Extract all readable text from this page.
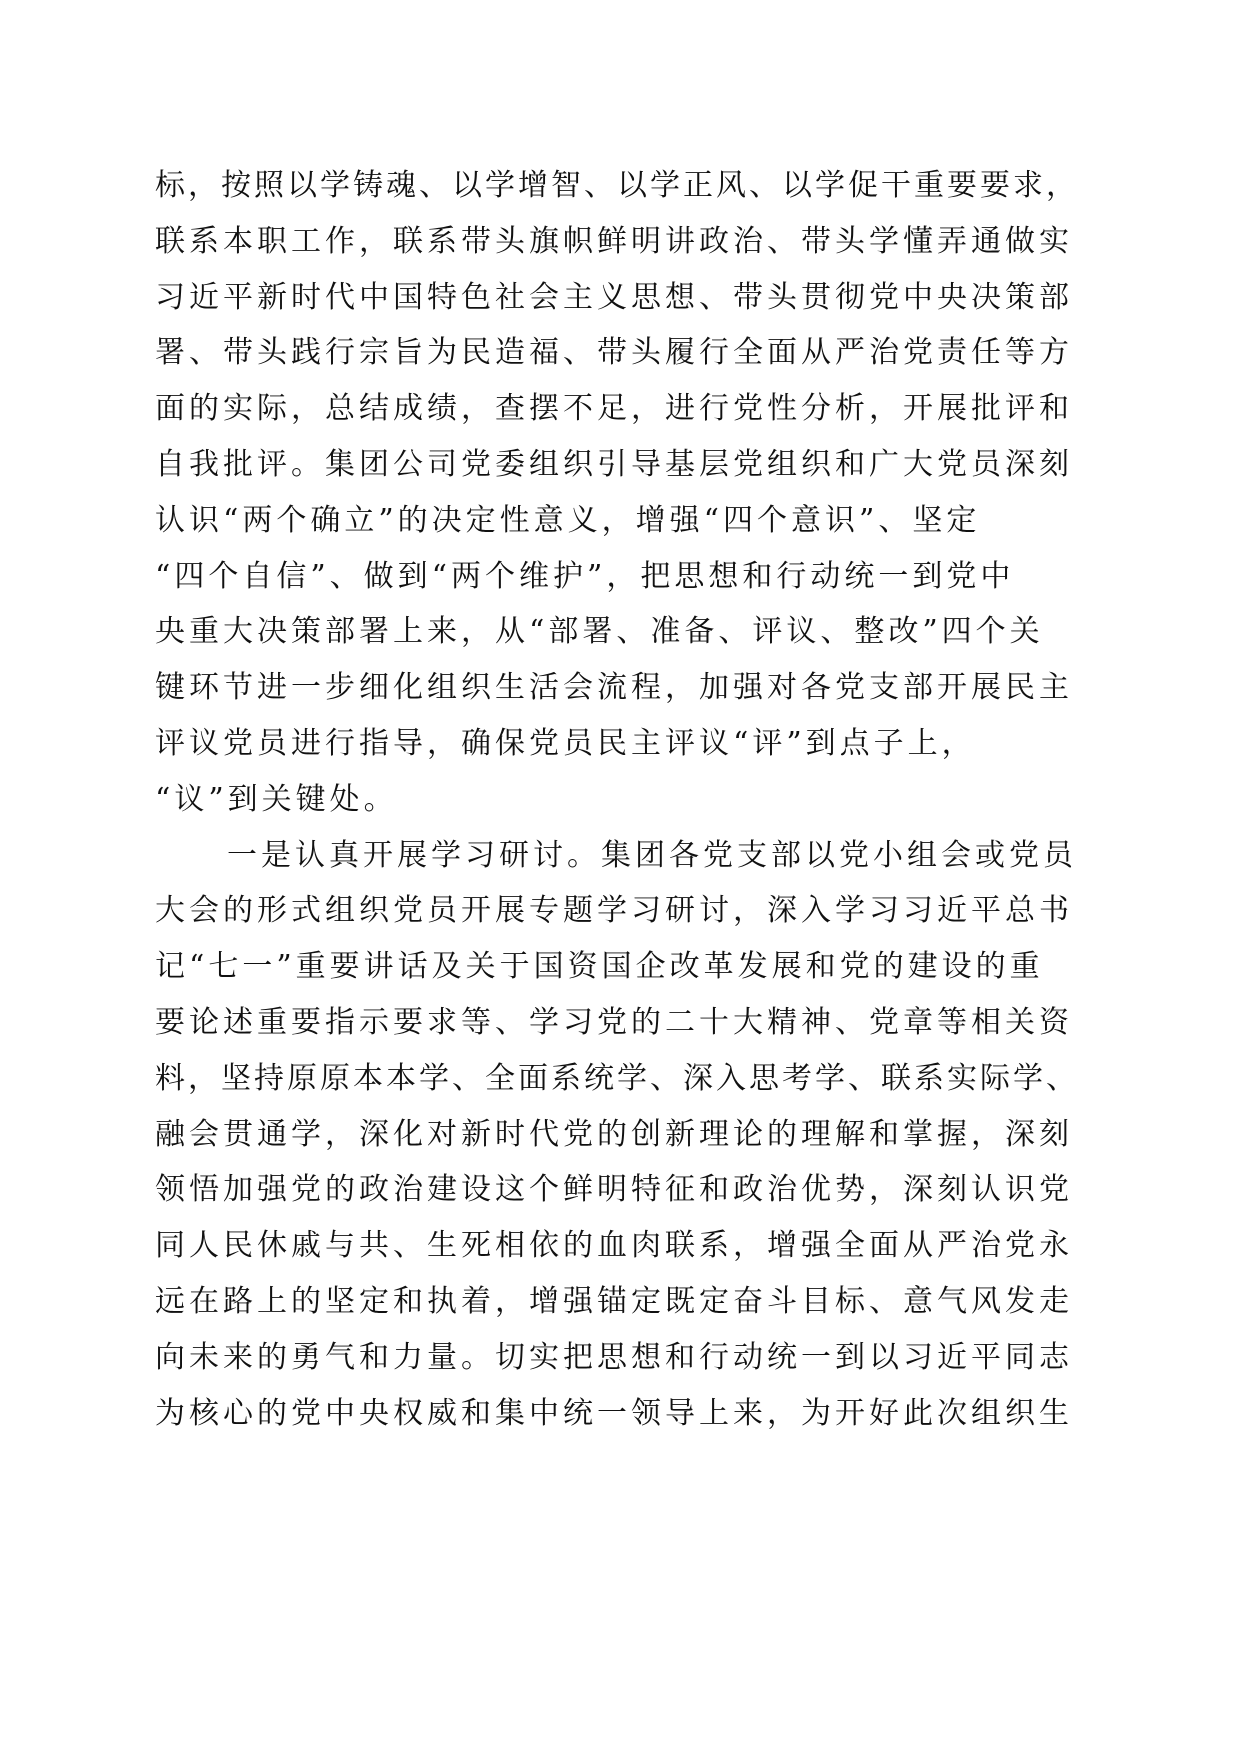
标，按照以学铸魂、以学增智、以学正风、以学促干重要要求，
联系本职工作，联系带头旗帜鲜明讲政治、带头学懂弄通做实
习近平新时代中国特色社会主义思想、带头贯彻党中央决策部
署、带头践行宗旨为民造福、带头履行全面从严治党责任等方
面的实际，总结成绩，查摆不足，进行党性分析，开展批评和
自我批评。集团公司党委组织引导基层党组织和广大党员深刻
认识“两个确立”的决定性意义，增强“四个意识”、坚定
“四个自信”、做到“两个维护”，把思想和行动统一到党中
央重大决策部署上来，从“部署、准备、评议、整改”四个关
键环节进一步细化组织生活会流程，加强对各党支部开展民主
评议党员进行指导，确保党员民主评议“评”到点子上，
“议”到关键处。
一是认真开展学习研讨。集团各党支部以党小组会或党员
大会的形式组织党员开展专题学习研讨，深入学习习近平总书
记“七一”重要讲话及关于国资国企改革发展和党的建设的重
要论述重要指示要求等、学习党的二十大精神、党章等相关资
料，坚持原原本本学、全面系统学、深入思考学、联系实际学、
融会贯通学，深化对新时代党的创新理论的理解和掌握，深刻
领悟加强党的政治建设这个鲜明特征和政治优势，深刻认识党
同人民休戚与共、生死相依的血肉联系，增强全面从严治党永
远在路上的坚定和执着，增强锚定既定奋斗目标、意气风发走
向未来的勇气和力量。切实把思想和行动统一到以习近平同志
为核心的党中央权威和集中统一领导上来，为开好此次组织生
